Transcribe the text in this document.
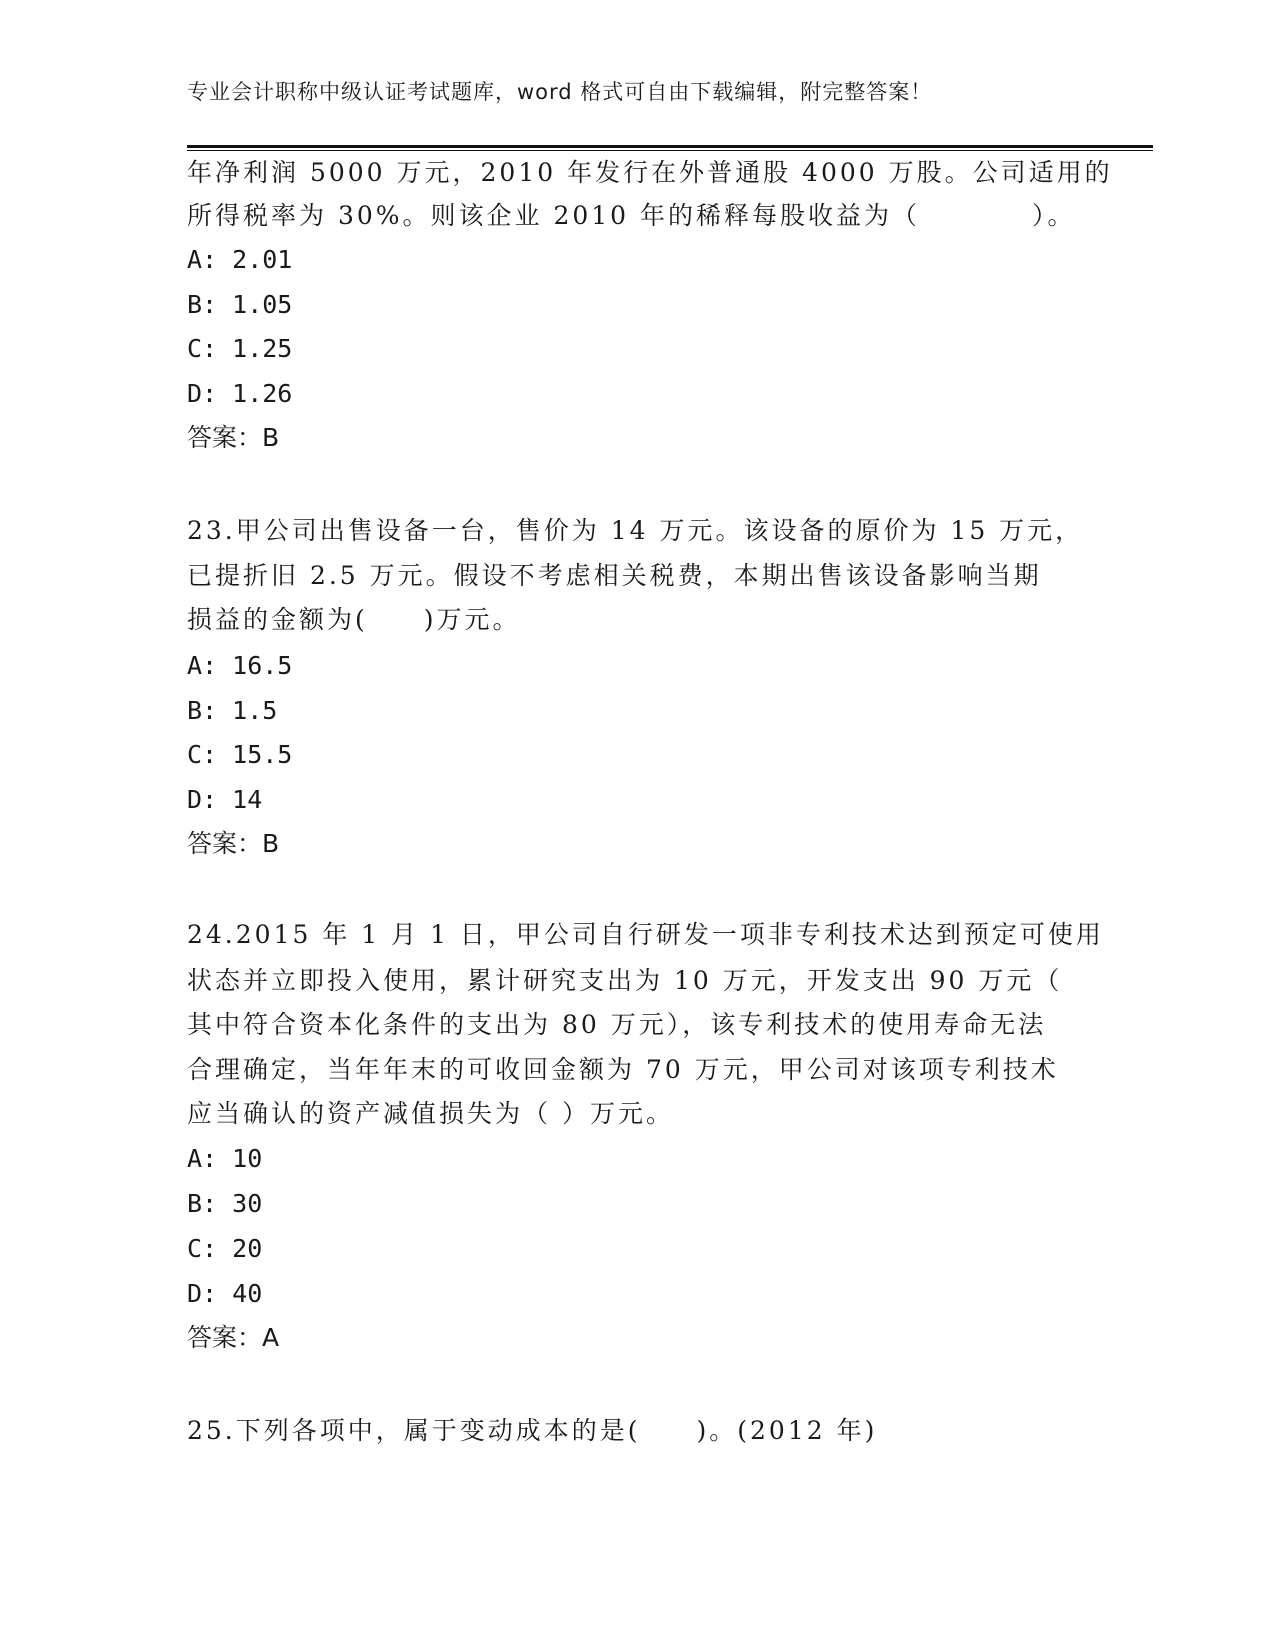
专业会计职称中级认证考试题库，word 格式可自由下载编辑，附完整答案！
年净利润 5000 万元，2010 年发行在外普通股 4000 万股。公司适用的
所得税率为 30%。则该企业 2010 年的稀释每股收益为（　　　　）。
A: 2.01
B: 1.05
C: 1.25
D: 1.26
答案：B
23.甲公司出售设备一台，售价为 14 万元。该设备的原价为 15 万元，
已提折旧 2.5 万元。假设不考虑相关税费，本期出售该设备影响当期
损益的金额为(　　)万元。
A: 16.5
B: 1.5
C: 15.5
D: 14
答案：B
24.2015 年 1 月 1 日，甲公司自行研发一项非专利技术达到预定可使用
状态并立即投入使用，累计研究支出为 10 万元，开发支出 90 万元（
其中符合资本化条件的支出为 80 万元），该专利技术的使用寿命无法
合理确定，当年年末的可收回金额为 70 万元，甲公司对该项专利技术
应当确认的资产减值损失为（ ）万元。
A: 10
B: 30
C: 20
D: 40
答案：A
25.下列各项中，属于变动成本的是(　　)。(2012 年)
